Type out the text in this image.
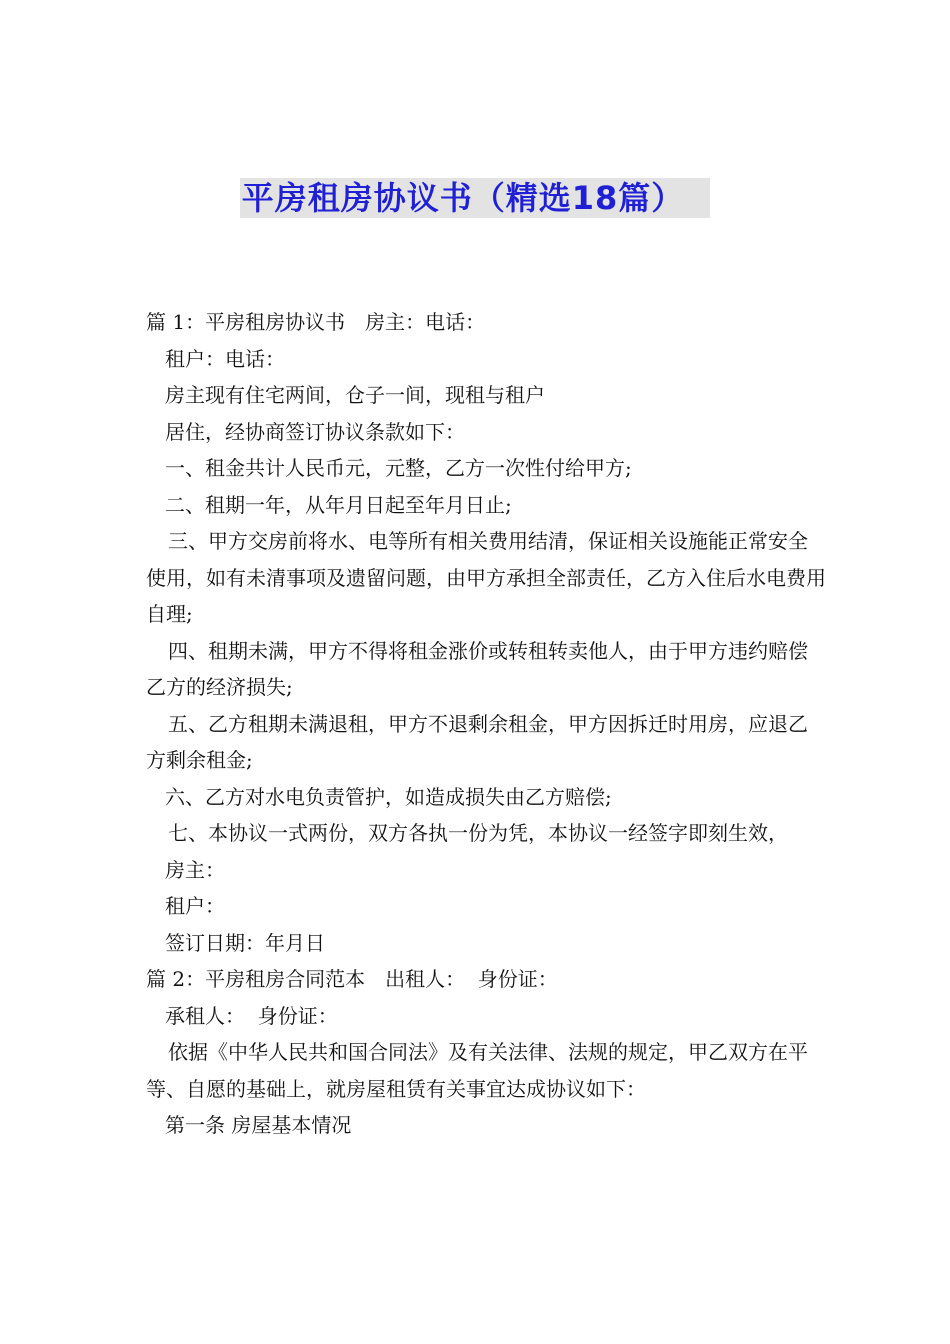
平房租房协议书（精选18篇）

篇 1：平房租房协议书　房主：电话：

租户：电话：

房主现有住宅两间，仓子一间，现租与租户

居住，经协商签订协议条款如下：

一、租金共计人民币元，元整，乙方一次性付给甲方;

二、租期一年，从年月日起至年月日止;

三、甲方交房前将水、电等所有相关费用结清，保证相关设施能正常安全使用，如有未清事项及遗留问题，由甲方承担全部责任，乙方入住后水电费用自理;

四、租期未满，甲方不得将租金涨价或转租转卖他人，由于甲方违约赔偿乙方的经济损失;

五、乙方租期未满退租，甲方不退剩余租金，甲方因拆迁时用房，应退乙方剩余租金;

六、乙方对水电负责管护，如造成损失由乙方赔偿;

七、本协议一式两份，双方各执一份为凭，本协议一经签字即刻生效，

房主：

租户：

签订日期：年月日

篇 2：平房租房合同范本　出租人：  身份证：

承租人：  身份证：

依据《中华人民共和国合同法》及有关法律、法规的规定，甲乙双方在平等、自愿的基础上，就房屋租赁有关事宜达成协议如下：

第一条 房屋基本情况
